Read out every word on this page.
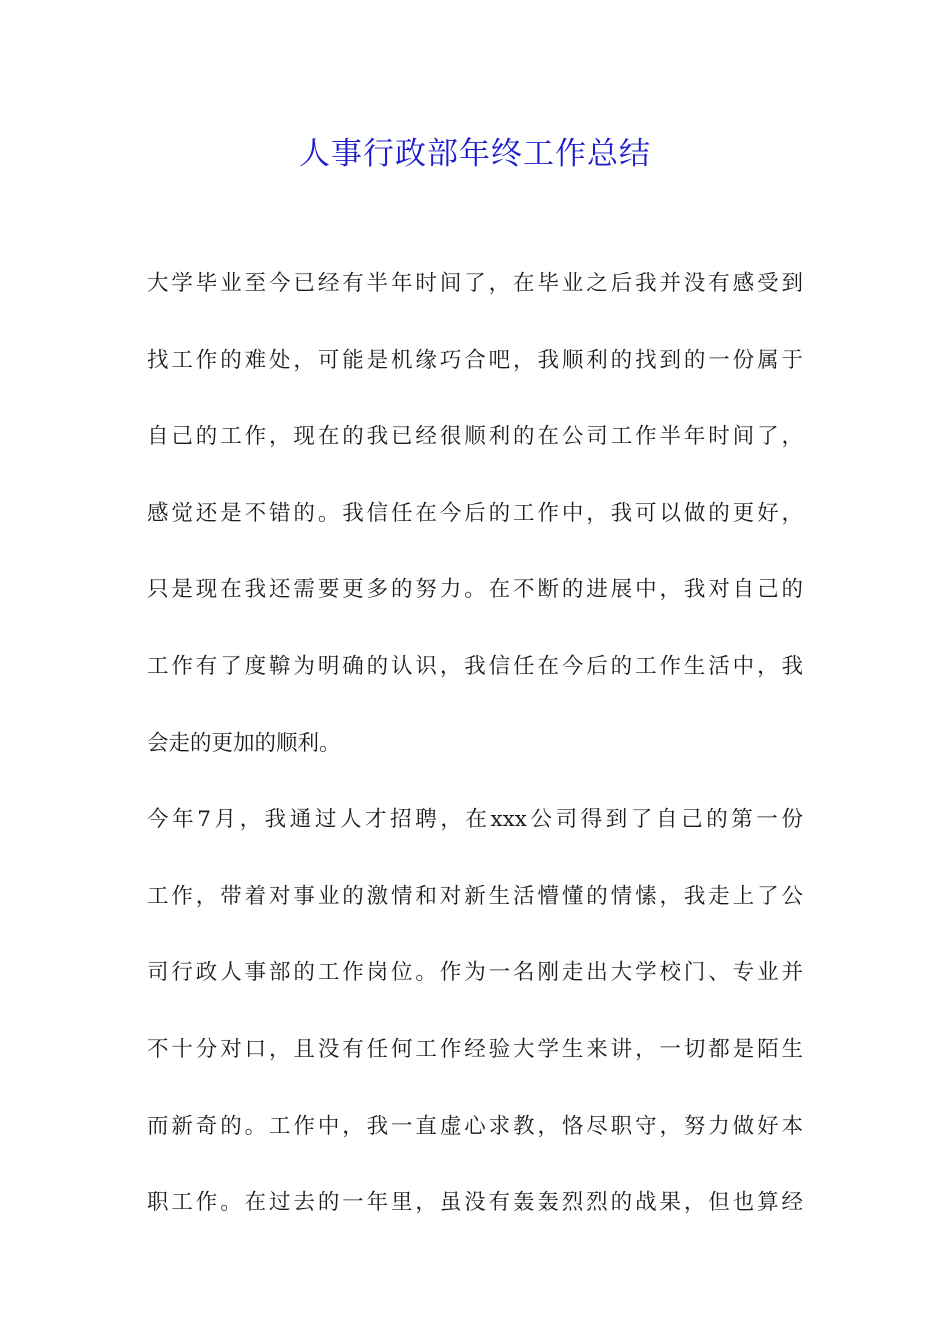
人事行政部年终工作总结

大学毕业至今已经有半年时间了，在毕业之后我并没有感受到
找工作的难处，可能是机缘巧合吧，我顺利的找到的一份属于
自己的工作，现在的我已经很顺利的在公司工作半年时间了，
感觉还是不错的。我信任在今后的工作中，我可以做的更好，
只是现在我还需要更多的努力。在不断的进展中，我对自己的
工作有了度鞥为明确的认识，我信任在今后的工作生活中，我
会走的更加的顺利。

今年7月，我通过人才招聘，在xxx公司得到了自己的第一份
工作，带着对事业的激情和对新生活懵懂的情愫，我走上了公
司行政人事部的工作岗位。作为一名刚走出大学校门、专业并
不十分对口，且没有任何工作经验大学生来讲，一切都是陌生
而新奇的。工作中，我一直虚心求教，恪尽职守，努力做好本
职工作。在过去的一年里，虽没有轰轰烈烈的战果，但也算经
